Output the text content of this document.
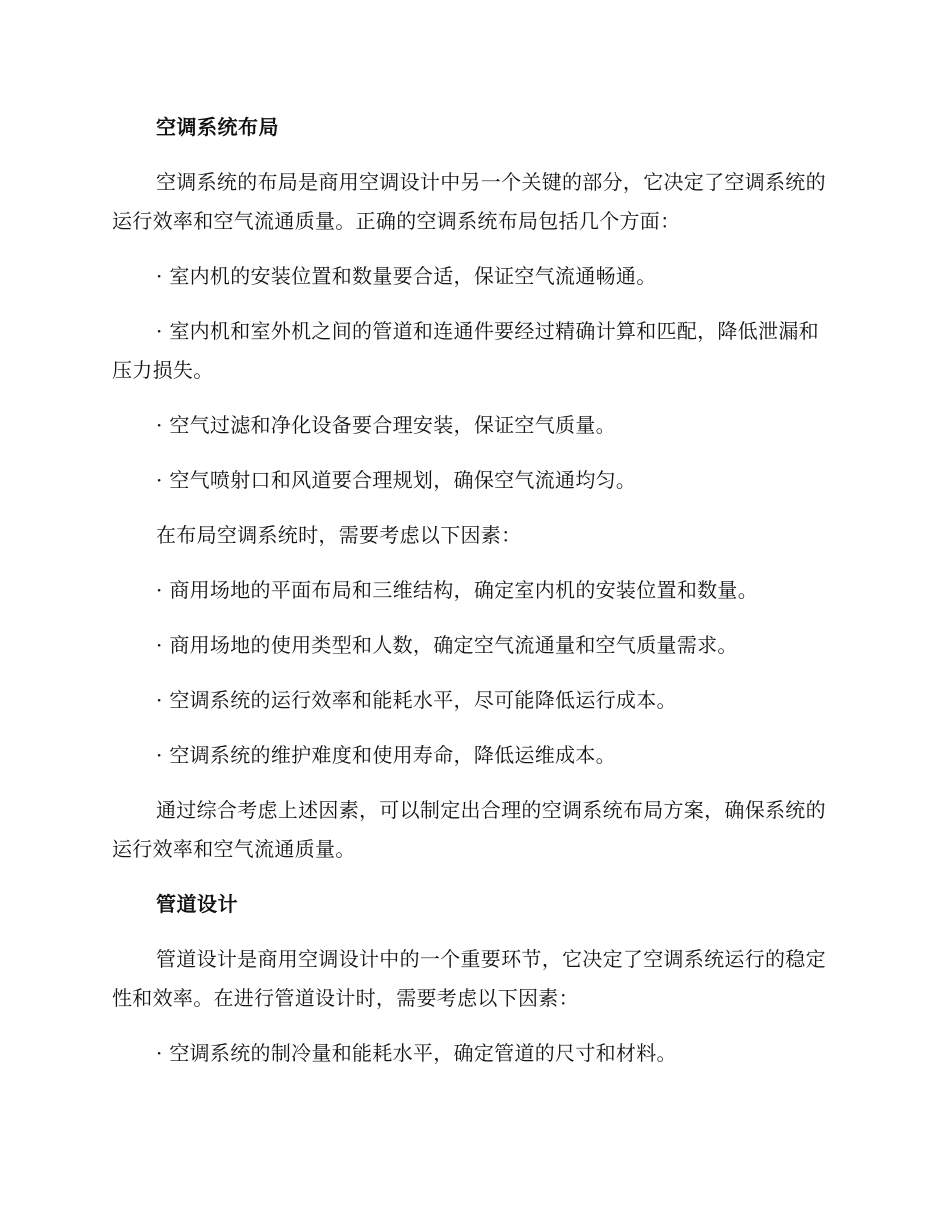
空调系统布局

空调系统的布局是商用空调设计中另一个关键的部分，它决定了空调系统的运行效率和空气流通质量。正确的空调系统布局包括几个方面：

· 室内机的安装位置和数量要合适，保证空气流通畅通。

· 室内机和室外机之间的管道和连通件要经过精确计算和匹配，降低泄漏和压力损失。

· 空气过滤和净化设备要合理安装，保证空气质量。

· 空气喷射口和风道要合理规划，确保空气流通均匀。

在布局空调系统时，需要考虑以下因素：

· 商用场地的平面布局和三维结构，确定室内机的安装位置和数量。

· 商用场地的使用类型和人数，确定空气流通量和空气质量需求。

· 空调系统的运行效率和能耗水平，尽可能降低运行成本。

· 空调系统的维护难度和使用寿命，降低运维成本。

通过综合考虑上述因素，可以制定出合理的空调系统布局方案，确保系统的运行效率和空气流通质量。

管道设计

管道设计是商用空调设计中的一个重要环节，它决定了空调系统运行的稳定性和效率。在进行管道设计时，需要考虑以下因素：

· 空调系统的制冷量和能耗水平，确定管道的尺寸和材料。
